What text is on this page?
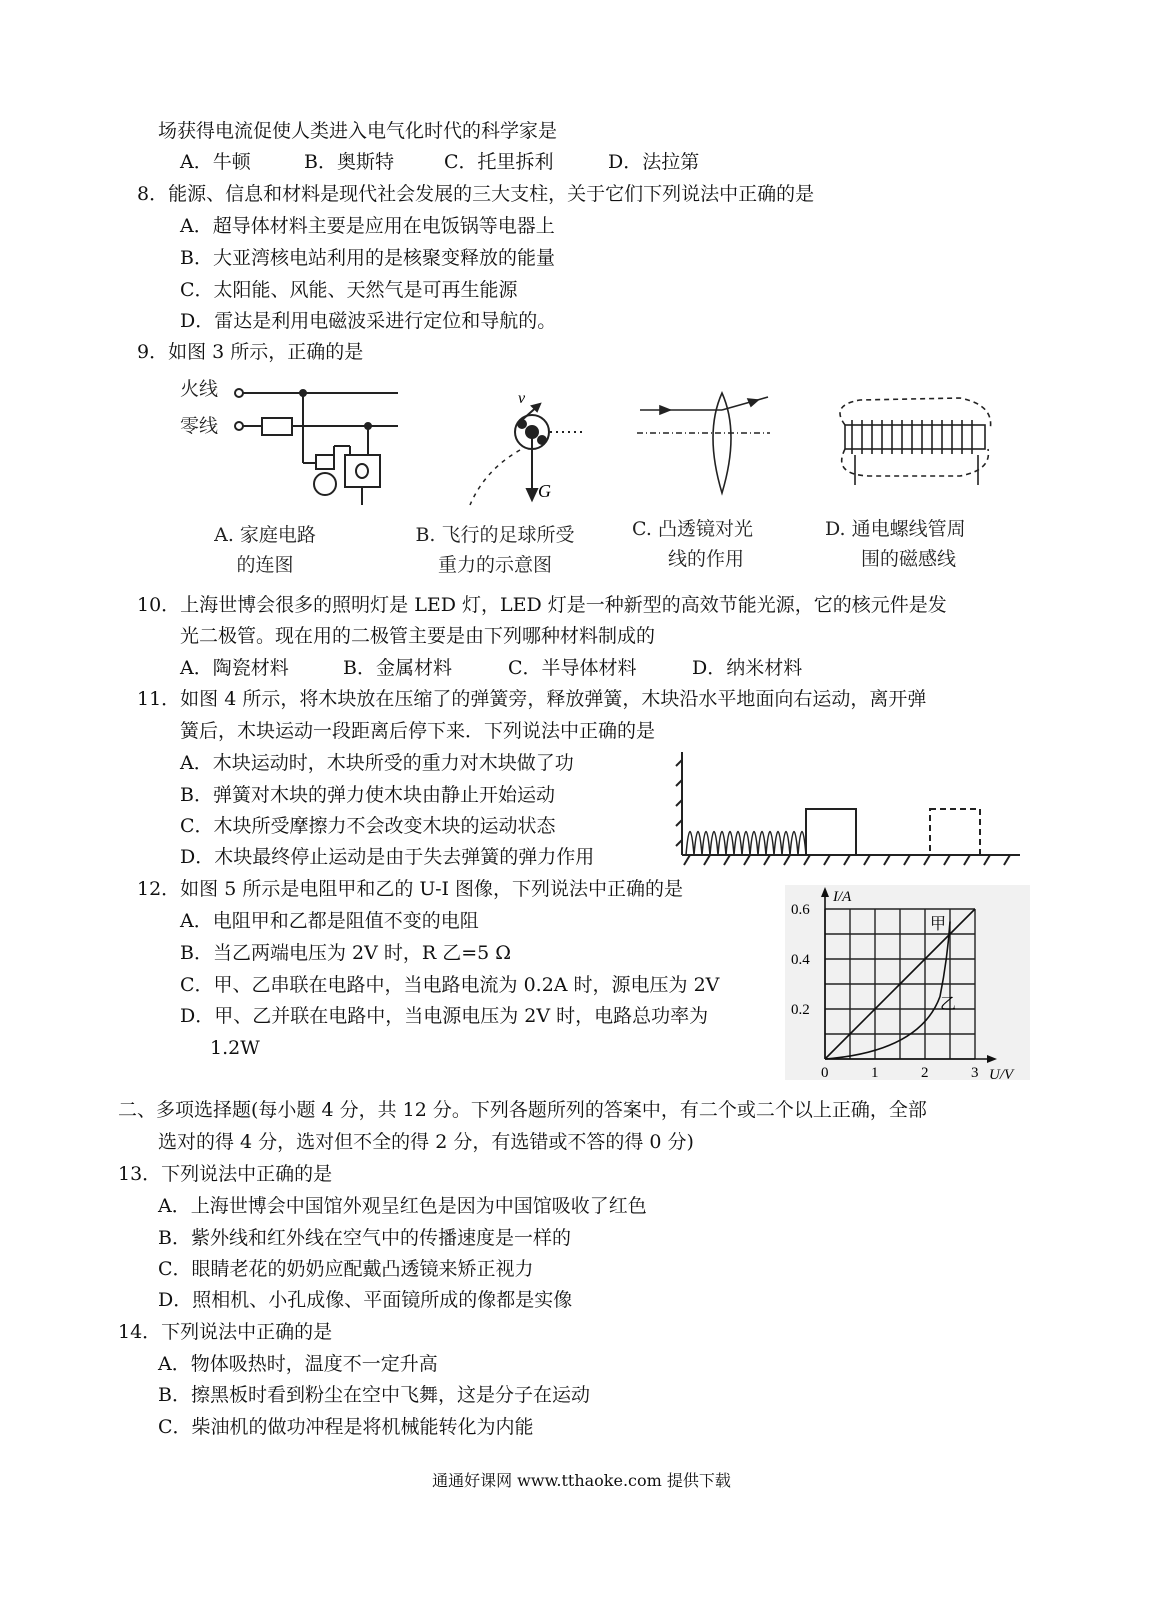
场获得电流促使人类进入电气化时代的科学家是
A．牛顿	B．奥斯特	C．托里拆利	D．法拉第
8．能源、信息和材料是现代社会发展的三大支柱，关于它们下列说法中正确的是
A．超导体材料主要是应用在电饭锅等电器上
B．大亚湾核电站利用的是核聚变释放的能量
C．太阳能、风能、天然气是可再生能源
D．雷达是利用电磁波采进行定位和导航的。
9．如图 3 所示，正确的是
火线
零线
v
G
A. 家庭电路
的连图
B. 飞行的足球所受
重力的示意图
C. 凸透镜对光
线的作用
D. 通电螺线管周
围的磁感线
10．上海世博会很多的照明灯是 LED 灯，LED 灯是一种新型的高效节能光源，它的核元件是发
光二极管。现在用的二极管主要是由下列哪种材料制成的
A．陶瓷材料	B．金属材料	C．半导体材料	D．纳米材料
11．如图 4 所示，将木块放在压缩了的弹簧旁，释放弹簧，木块沿水平地面向右运动，离开弹
簧后，木块运动一段距离后停下来．下列说法中正确的是
A．木块运动时，木块所受的重力对木块做了功
B．弹簧对木块的弹力使木块由静止开始运动
C．木块所受摩擦力不会改变木块的运动状态
D．木块最终停止运动是由于失去弹簧的弹力作用
12．如图 5 所示是电阻甲和乙的 U-I 图像，下列说法中正确的是
A．电阻甲和乙都是阻值不变的电阻
B．当乙两端电压为 2V 时，R 乙=5 Ω
C．甲、乙串联在电路中，当电路电流为 0.2A 时，源电压为 2V
D．甲、乙并联在电路中，当电源电压为 2V 时，电路总功率为
1.2W
甲
乙
0	1	2	3
0.2
0.4
0.6
I/A
U/V
二、多项选择题(每小题 4 分，共 12 分。下列各题所列的答案中，有二个或二个以上正确，全部
选对的得 4 分，选对但不全的得 2 分，有选错或不答的得 0 分)
13．下列说法中正确的是
A．上海世博会中国馆外观呈红色是因为中国馆吸收了红色
B．紫外线和红外线在空气中的传播速度是一样的
C．眼睛老花的奶奶应配戴凸透镜来矫正视力
D．照相机、小孔成像、平面镜所成的像都是实像
14．下列说法中正确的是
A．物体吸热时，温度不一定升高
B．擦黑板时看到粉尘在空中飞舞，这是分子在运动
C．柴油机的做功冲程是将机械能转化为内能
通通好课网 www.tthaoke.com 提供下载
